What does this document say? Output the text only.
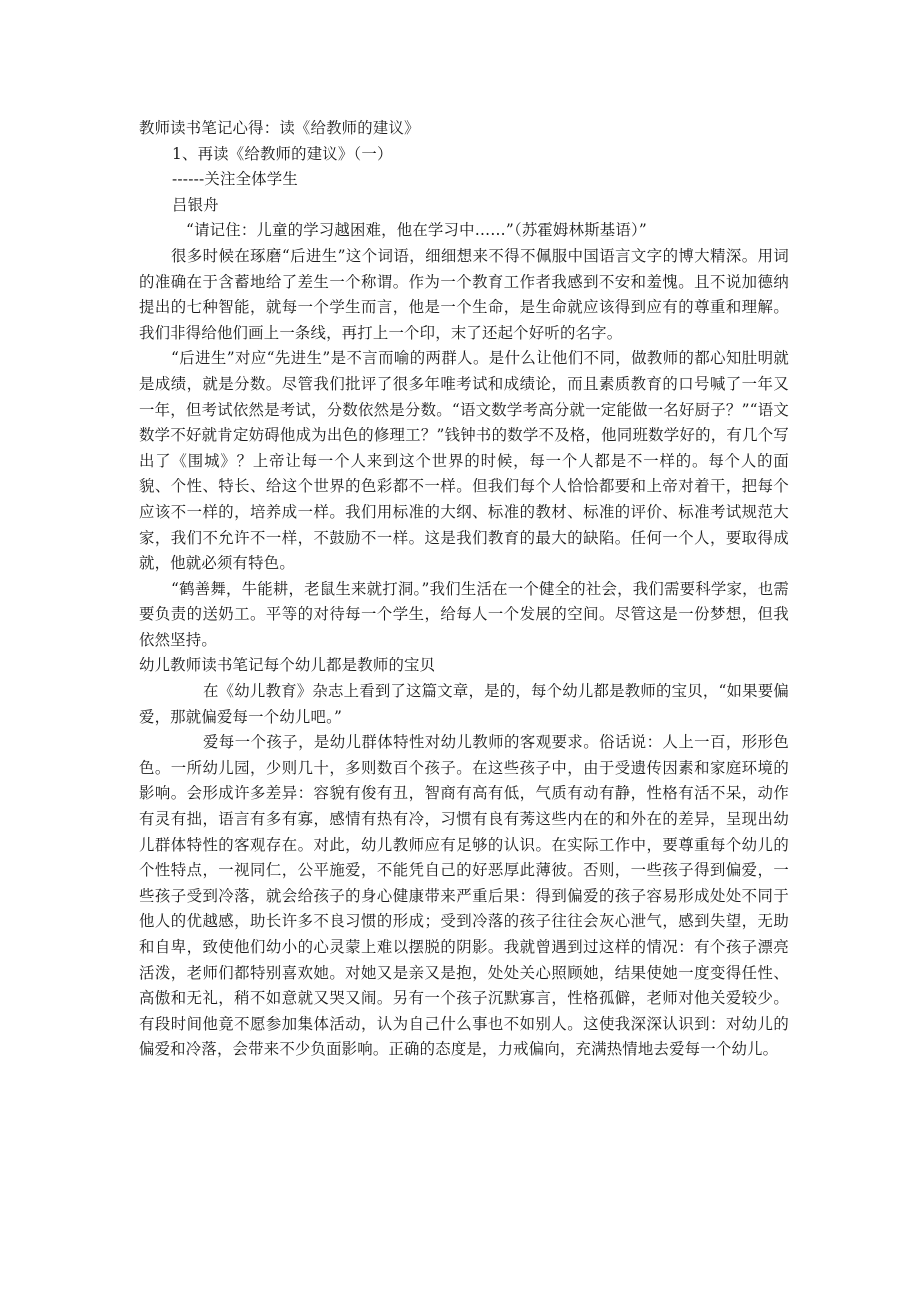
教师读书笔记心得：读《给教师的建议》
1、再读《给教师的建议》（一）
------关注全体学生
吕银舟
“请记住：儿童的学习越困难，他在学习中……”（苏霍姆林斯基语）”

很多时候在琢磨“后进生”这个词语，细细想来不得不佩服中国语言文字的博大精深。用词的准确在于含蓄地给了差生一个称谓。作为一个教育工作者我感到不安和羞愧。且不说加德纳提出的七种智能，就每一个学生而言，他是一个生命，是生命就应该得到应有的尊重和理解。我们非得给他们画上一条线，再打上一个印，末了还起个好听的名字。

“后进生”对应“先进生”是不言而喻的两群人。是什么让他们不同，做教师的都心知肚明就是成绩，就是分数。尽管我们批评了很多年唯考试和成绩论，而且素质教育的口号喊了一年又一年，但考试依然是考试，分数依然是分数。“语文数学考高分就一定能做一名好厨子？”“语文数学不好就肯定妨碍他成为出色的修理工？”钱钟书的数学不及格，他同班数学好的，有几个写出了《围城》？上帝让每一个人来到这个世界的时候，每一个人都是不一样的。每个人的面貌、个性、特长、给这个世界的色彩都不一样。但我们每个人恰恰都要和上帝对着干，把每个应该不一样的，培养成一样。我们用标准的大纲、标准的教材、标准的评价、标准考试规范大家，我们不允许不一样，不鼓励不一样。这是我们教育的最大的缺陷。任何一个人，要取得成就，他就必须有特色。

“鹤善舞，牛能耕，老鼠生来就打洞。”我们生活在一个健全的社会，我们需要科学家，也需要负责的送奶工。平等的对待每一个学生，给每人一个发展的空间。尽管这是一份梦想，但我依然坚持。

幼儿教师读书笔记每个幼儿都是教师的宝贝

在《幼儿教育》杂志上看到了这篇文章，是的，每个幼儿都是教师的宝贝，“如果要偏爱，那就偏爱每一个幼儿吧。”

爱每一个孩子，是幼儿群体特性对幼儿教师的客观要求。俗话说：人上一百，形形色色。一所幼儿园，少则几十，多则数百个孩子。在这些孩子中，由于受遗传因素和家庭环境的影响。会形成许多差异：容貌有俊有丑，智商有高有低，气质有动有静，性格有活不呆，动作有灵有拙，语言有多有寡，感情有热有冷，习惯有良有莠这些内在的和外在的差异，呈现出幼儿群体特性的客观存在。对此，幼儿教师应有足够的认识。在实际工作中，要尊重每个幼儿的个性特点，一视同仁，公平施爱，不能凭自己的好恶厚此薄彼。否则，一些孩子得到偏爱，一些孩子受到冷落，就会给孩子的身心健康带来严重后果：得到偏爱的孩子容易形成处处不同于他人的优越感，助长许多不良习惯的形成；受到冷落的孩子往往会灰心泄气，感到失望，无助和自卑，致使他们幼小的心灵蒙上难以摆脱的阴影。我就曾遇到过这样的情况：有个孩子漂亮活泼，老师们都特别喜欢她。对她又是亲又是抱，处处关心照顾她，结果使她一度变得任性、高傲和无礼，稍不如意就又哭又闹。另有一个孩子沉默寡言，性格孤僻，老师对他关爱较少。有段时间他竟不愿参加集体活动，认为自己什么事也不如别人。这使我深深认识到：对幼儿的偏爱和冷落，会带来不少负面影响。正确的态度是，力戒偏向，充满热情地去爱每一个幼儿。
